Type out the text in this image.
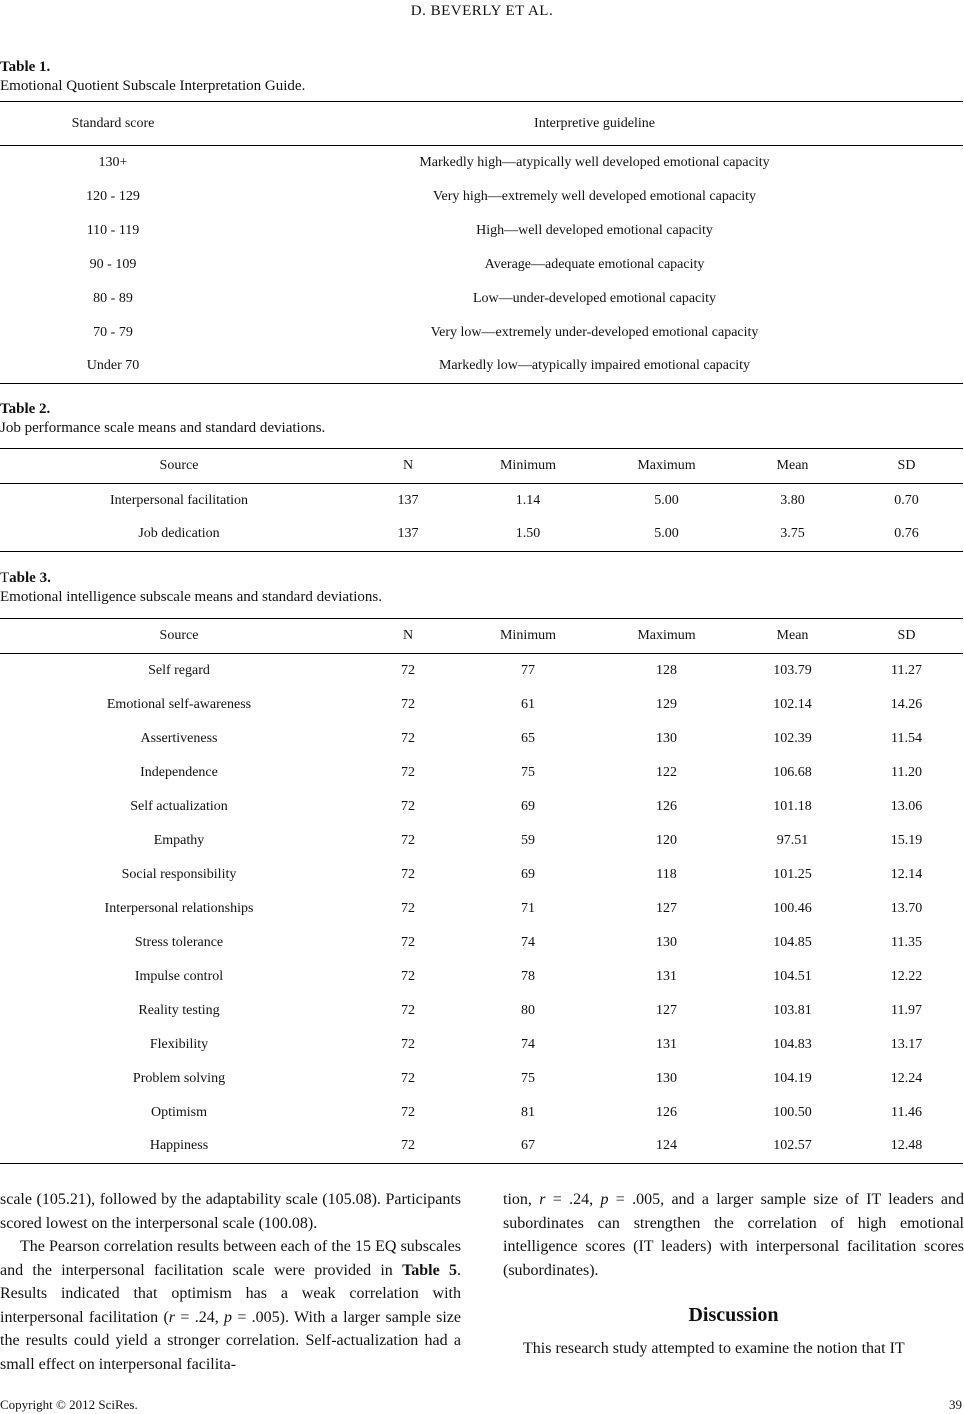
D. BEVERLY ET AL.
Table 1.
Emotional Quotient Subscale Interpretation Guide.
Standard score	Interpretive guideline
130+	Markedly high—atypically well developed emotional capacity
120 - 129	Very high—extremely well developed emotional capacity
110 - 119	High—well developed emotional capacity
90 - 109	Average—adequate emotional capacity
80 - 89	Low—under-developed emotional capacity
70 - 79	Very low—extremely under-developed emotional capacity
Under 70	Markedly low—atypically impaired emotional capacity
Table 2.
Job performance scale means and standard deviations.
Source	N	Minimum	Maximum	Mean	SD
Interpersonal facilitation	137	1.14	5.00	3.80	0.70
Job dedication	137	1.50	5.00	3.75	0.76
Table 3.
Emotional intelligence subscale means and standard deviations.
Source	N	Minimum	Maximum	Mean	SD
Self regard	72	77	128	103.79	11.27
Emotional self-awareness	72	61	129	102.14	14.26
Assertiveness	72	65	130	102.39	11.54
Independence	72	75	122	106.68	11.20
Self actualization	72	69	126	101.18	13.06
Empathy	72	59	120	97.51	15.19
Social responsibility	72	69	118	101.25	12.14
Interpersonal relationships	72	71	127	100.46	13.70
Stress tolerance	72	74	130	104.85	11.35
Impulse control	72	78	131	104.51	12.22
Reality testing	72	80	127	103.81	11.97
Flexibility	72	74	131	104.83	13.17
Problem solving	72	75	130	104.19	12.24
Optimism	72	81	126	100.50	11.46
Happiness	72	67	124	102.57	12.48

scale (105.21), followed by the adaptability scale (105.08). Participants scored lowest on the interpersonal scale (100.08).

The Pearson correlation results between each of the 15 EQ subscales and the interpersonal facilitation scale were provided in Table 5. Results indicated that optimism has a weak correlation with interpersonal facilitation (r = .24, p = .005). With a larger sample size the results could yield a stronger correlation. Self-actualization had a small effect on interpersonal facilita-

tion, r = .24, p = .005, and a larger sample size of IT leaders and subordinates can strengthen the correlation of high emotional intelligence scores (IT leaders) with interpersonal facilitation scores (subordinates).

Discussion

This research study attempted to examine the notion that IT

Copyright © 2012 SciRes.	39
